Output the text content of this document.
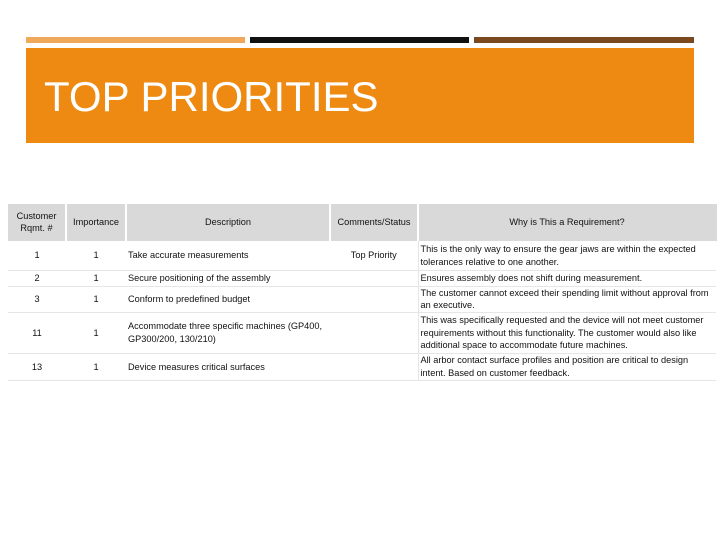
TOP PRIORITIES
Customer Rqmt. #	Importance	Description	Comments/Status	Why is This a Requirement?
1	1	Take accurate measurements	Top Priority	This is the only way to ensure the gear jaws are within the expected tolerances relative to one another.
2	1	Secure positioning of the assembly		Ensures assembly does not shift during measurement.
3	1	Conform to predefined budget		The customer cannot exceed their spending limit without approval from an executive.
11	1	Accommodate three specific machines (GP400, GP300/200, 130/210)		This was specifically requested and the device will not meet customer requirements without this functionality. The customer would also like additional space to accommodate future machines.
13	1	Device measures critical surfaces		All arbor contact surface profiles and position are critical to design intent. Based on customer feedback.
